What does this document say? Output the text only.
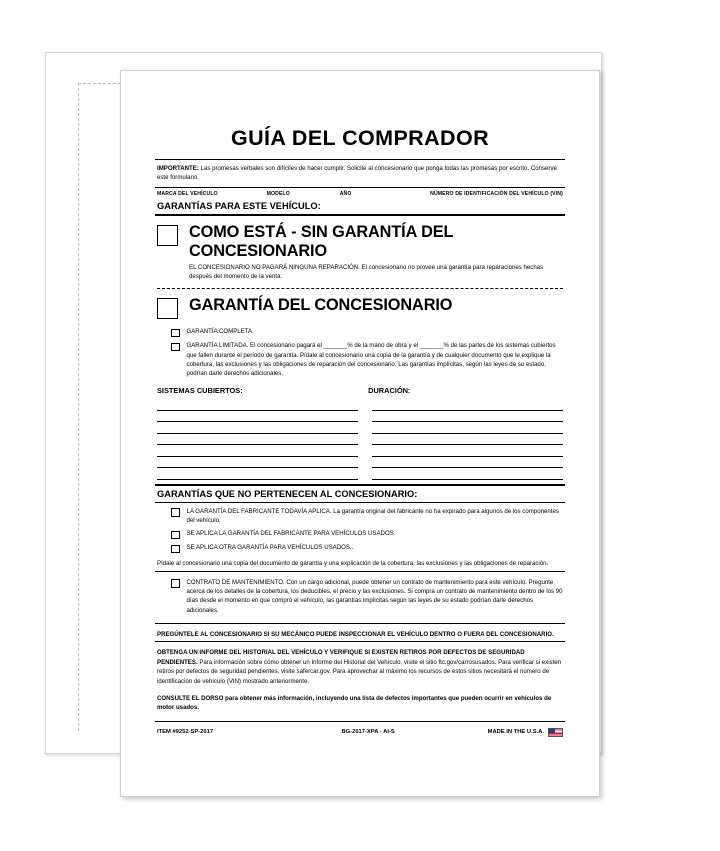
GUÍA DEL COMPRADOR
IMPORTANTE: Las promesas verbales son difíciles de hacer cumplir. Solicite al concesionario que ponga todas las promesas por escrito. Conserve este formulario.
MARCA DEL VEHÍCULO	MODELO	AÑO	NÚMERO DE IDENTIFICACIÓN DEL VEHÍCULO (VIN)
GARANTÍAS PARA ESTE VEHÍCULO:
COMO ESTÁ - SIN GARANTÍA DEL CONCESIONARIO
EL CONCESIONARIO NO PAGARÁ NINGUNA REPARACIÓN. El concesionario no provee una garantía para reparaciones hechas después del momento de la venta.
GARANTÍA DEL CONCESIONARIO
GARANTÍA COMPLETA.
GARANTÍA LIMITADA. El concesionario pagará el _______% de la mano de obra y el _______% de las partes de los sistemas cubiertos que fallen durante el período de garantía. Pídale al concesionario una copia de la garantía y de cualquier documento que le explique la cobertura, las exclusiones y las obligaciones de reparación del concesionario. Las garantías implícitas, según las leyes de su estado, podrían darle derechos adicionales.
SISTEMAS CUBIERTOS:	DURACIÓN:
GARANTÍAS QUE NO PERTENECEN AL CONCESIONARIO:
LA GARANTÍA DEL FABRICANTE TODAVÍA APLICA. La garantía original del fabricante no ha expirado para algunos de los componentes del vehículo.
SE APLICA LA GARANTÍA DEL FABRICANTE PARA VEHÍCULOS USADOS.
SE APLICA OTRA GARANTÍA PARA VEHÍCULOS USADOS..
Pídale al concesionario una copia del documento de garantía y una explicación de la cobertura, las exclusiones y las obligaciones de reparación.
CONTRATO DE MANTENIMIENTO. Con un cargo adicional, puede obtener un contrato de mantenimiento para este vehículo. Pregunte acerca de los detalles de la cobertura, los deducibles, el precio y las exclusiones. Si compra un contrato de mantenimiento dentro de los 90 días desde el momento en que compró el vehículo, las garantías implícitas según las leyes de su estado podrían darle derechos adicionales.
PREGÚNTELE AL CONCESIONARIO SI SU MECÁNICO PUEDE INSPECCIONAR EL VEHÍCULO DENTRO O FUERA DEL CONCESIONARIO.
OBTENGA UN INFORME DEL HISTORIAL DEL VEHÍCULO Y VERIFIQUE SI EXISTEN RETIROS POR DEFECTOS DE SEGURIDAD PENDIENTES. Para información sobre cómo obtener un Informe del Historial del Vehículo, visite el sitio ftc.gov/carrosusados. Para verificar si existen retiros por defectos de seguridad pendientes, visite safercar.gov. Para aprovechar al máximo los recursos de estos sitios necesitará el número de identificación de vehículo (VIN) mostrado anteriormente.
CONSULTE EL DORSO para obtener más información, incluyendo una lista de defectos importantes que pueden ocurrir en vehículos de motor usados.
ITEM #9252-SP-2017	BG-2017-XPA - AI-S	MADE IN THE U.S.A.
